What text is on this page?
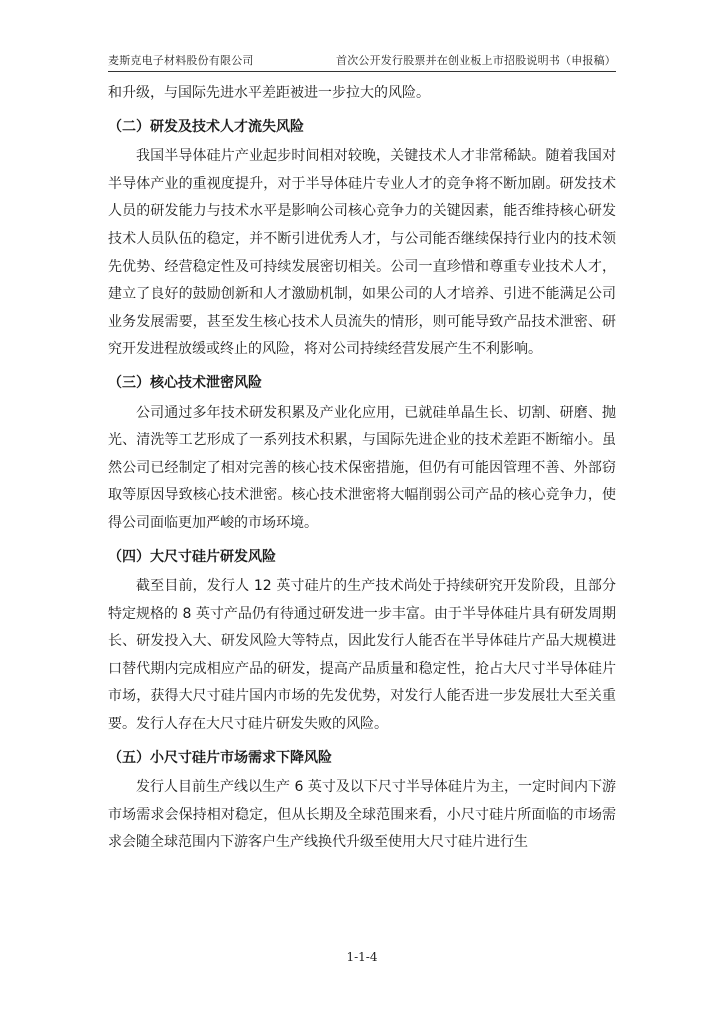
麦斯克电子材料股份有限公司	首次公开发行股票并在创业板上市招股说明书（申报稿）

和升级，与国际先进水平差距被进一步拉大的风险。

（二）研发及技术人才流失风险

我国半导体硅片产业起步时间相对较晚，关键技术人才非常稀缺。随着我国对半导体产业的重视度提升，对于半导体硅片专业人才的竞争将不断加剧。研发技术人员的研发能力与技术水平是影响公司核心竞争力的关键因素，能否维持核心研发技术人员队伍的稳定，并不断引进优秀人才，与公司能否继续保持行业内的技术领先优势、经营稳定性及可持续发展密切相关。公司一直珍惜和尊重专业技术人才，建立了良好的鼓励创新和人才激励机制，如果公司的人才培养、引进不能满足公司业务发展需要，甚至发生核心技术人员流失的情形，则可能导致产品技术泄密、研究开发进程放缓或终止的风险，将对公司持续经营发展产生不利影响。

（三）核心技术泄密风险

公司通过多年技术研发积累及产业化应用，已就硅单晶生长、切割、研磨、抛光、清洗等工艺形成了一系列技术积累，与国际先进企业的技术差距不断缩小。虽然公司已经制定了相对完善的核心技术保密措施，但仍有可能因管理不善、外部窃取等原因导致核心技术泄密。核心技术泄密将大幅削弱公司产品的核心竞争力，使得公司面临更加严峻的市场环境。

（四）大尺寸硅片研发风险

截至目前，发行人 12 英寸硅片的生产技术尚处于持续研究开发阶段，且部分特定规格的 8 英寸产品仍有待通过研发进一步丰富。由于半导体硅片具有研发周期长、研发投入大、研发风险大等特点，因此发行人能否在半导体硅片产品大规模进口替代期内完成相应产品的研发，提高产品质量和稳定性，抢占大尺寸半导体硅片市场，获得大尺寸硅片国内市场的先发优势，对发行人能否进一步发展壮大至关重要。发行人存在大尺寸硅片研发失败的风险。

（五）小尺寸硅片市场需求下降风险

发行人目前生产线以生产 6 英寸及以下尺寸半导体硅片为主，一定时间内下游市场需求会保持相对稳定，但从长期及全球范围来看，小尺寸硅片所面临的市场需求会随全球范围内下游客户生产线换代升级至使用大尺寸硅片进行生

1-1-4
